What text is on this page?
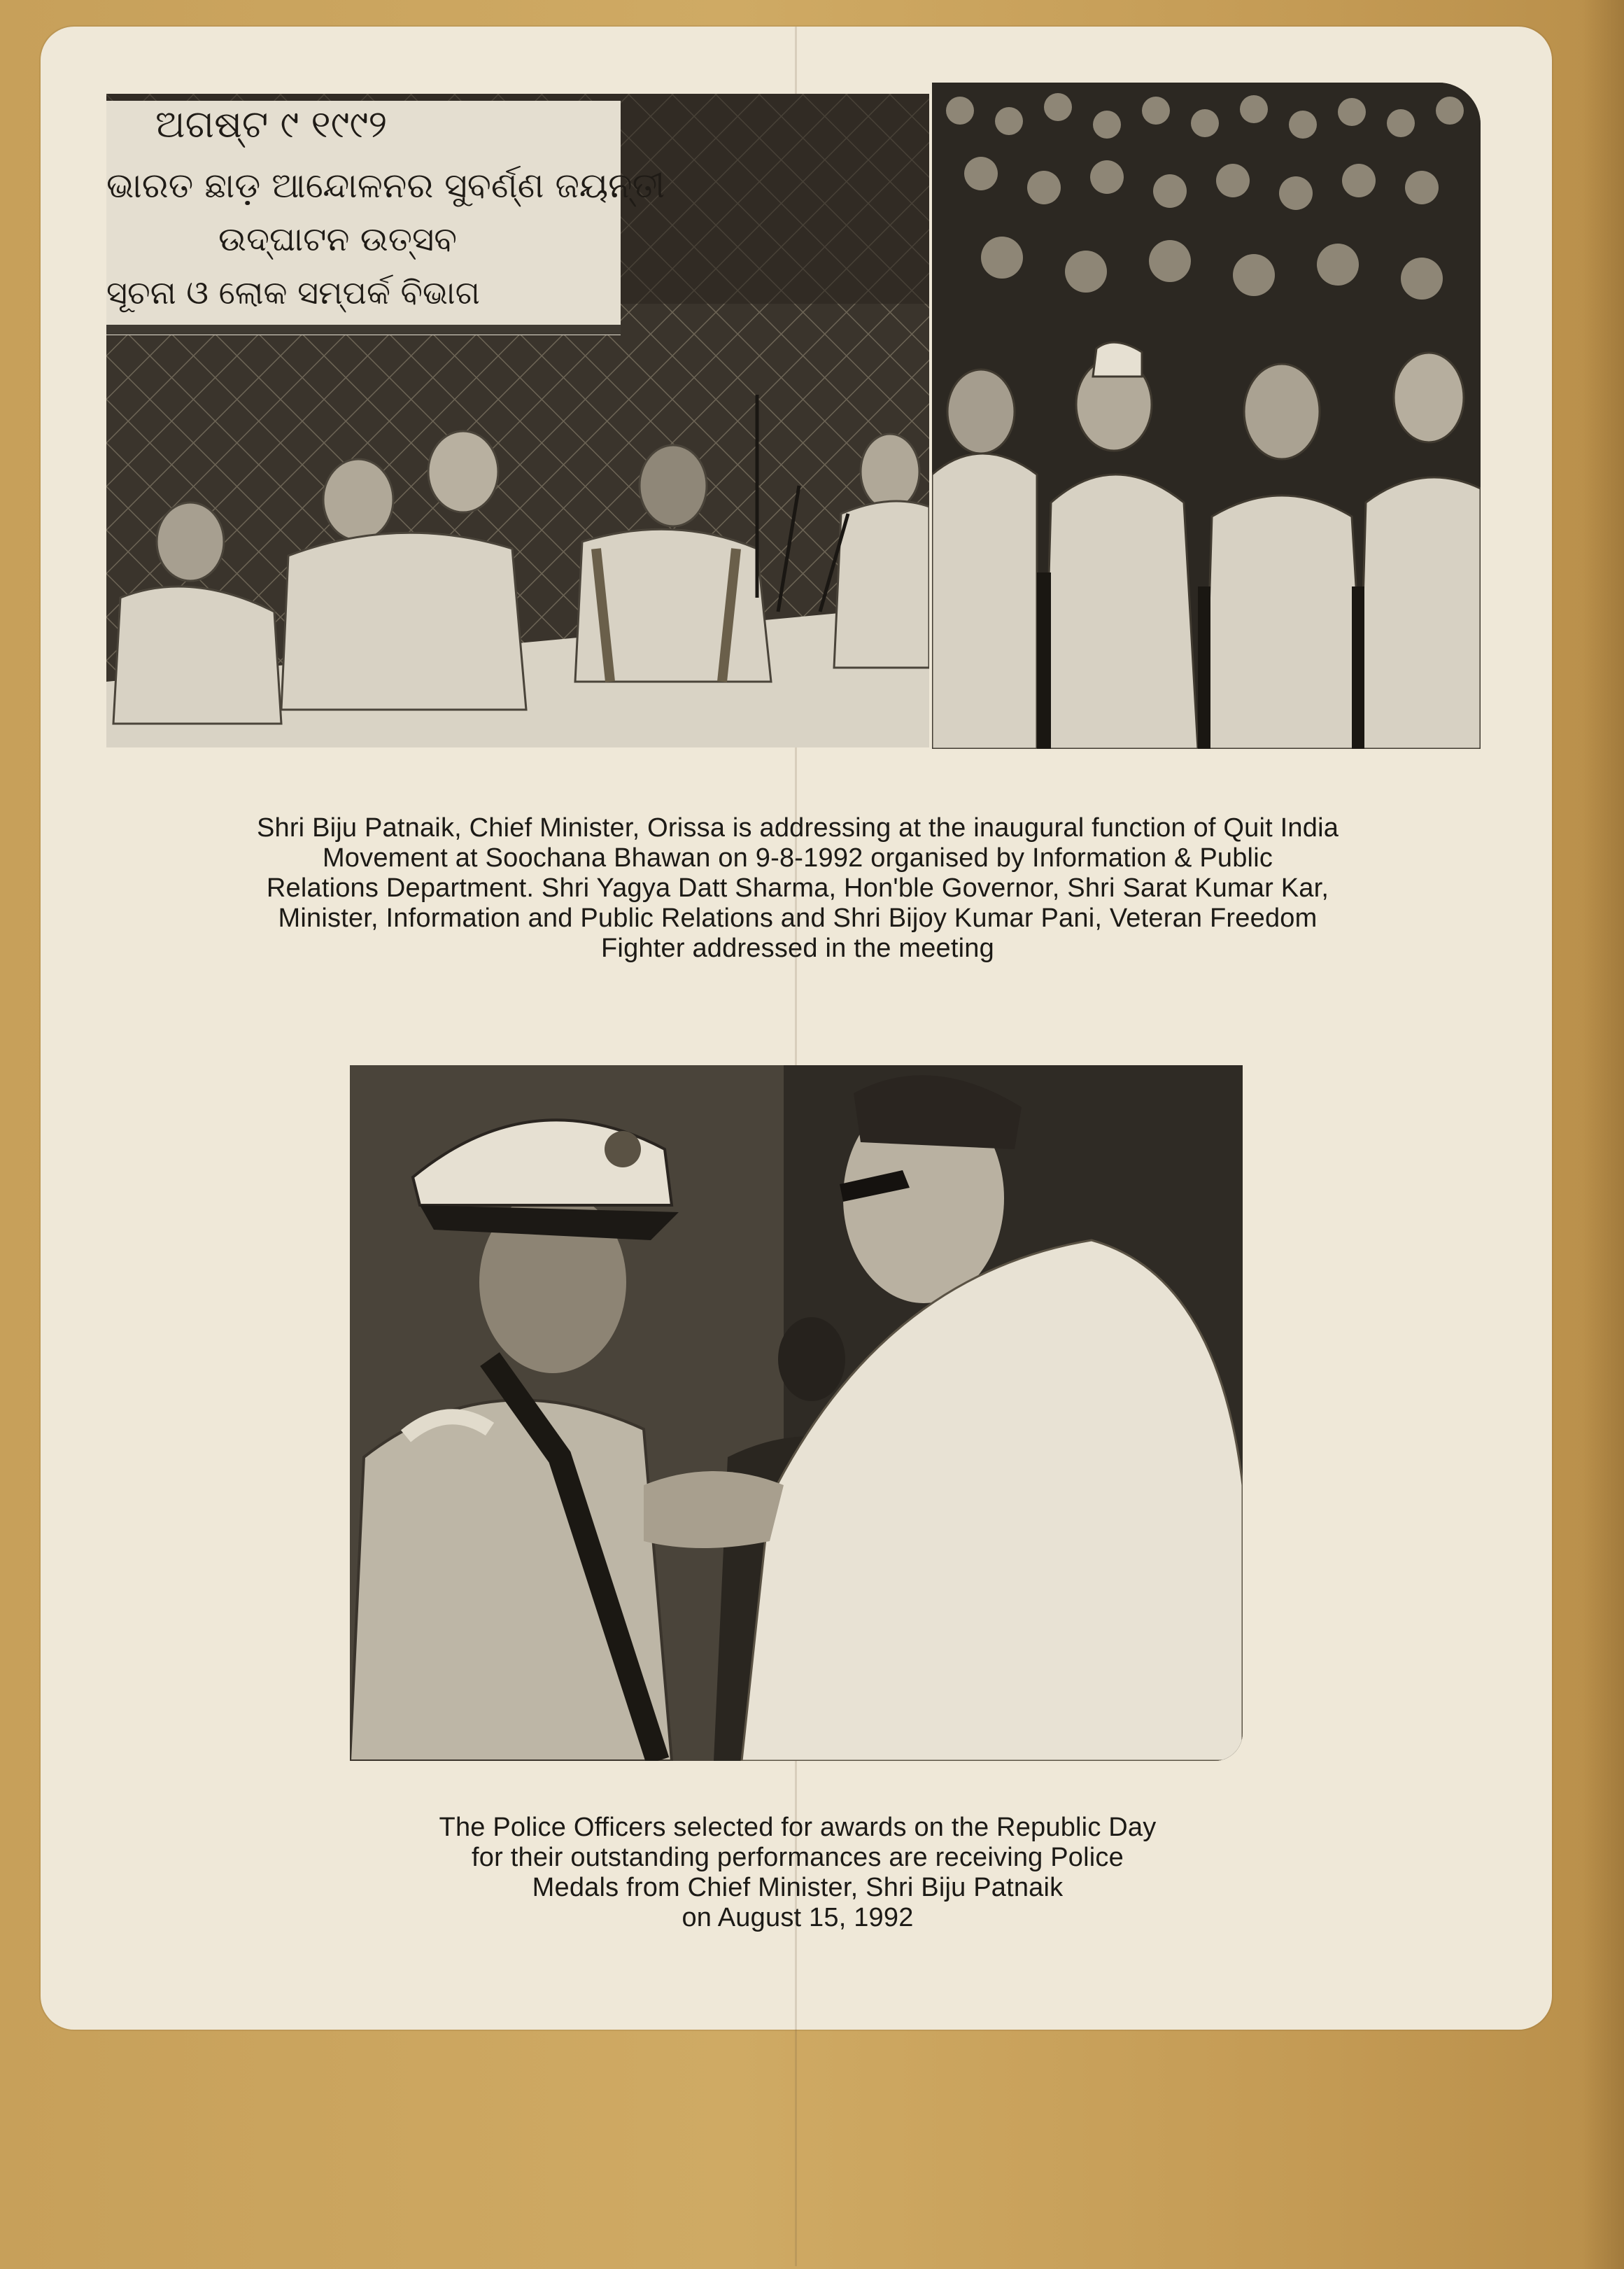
ଅଗଷ୍ଟ ୯ ୧୯୯୨
ଭାରତ ଛାଡ଼ ଆନ୍ଦୋଳନର ସୁବର୍ଣ୍ଣ ଜୟନ୍ତୀ
ଉଦ୍‌ଘାଟନ ଉତ୍ସବ
ସୂଚନା ଓ ଲୋକ ସମ୍ପର୍କ ବିଭାଗ

Shri Biju Patnaik, Chief Minister, Orissa is addressing at the inaugural function of Quit India
Movement at Soochana Bhawan on 9-8-1992 organised by Information & Public
Relations Department. Shri Yagya Datt Sharma, Hon'ble Governor, Shri Sarat Kumar Kar,
Minister, Information and Public Relations and Shri Bijoy Kumar Pani, Veteran Freedom
Fighter addressed in the meeting

The Police Officers selected for awards on the Republic Day
for their outstanding performances are receiving Police
Medals from Chief Minister, Shri Biju Patnaik
on August 15, 1992
